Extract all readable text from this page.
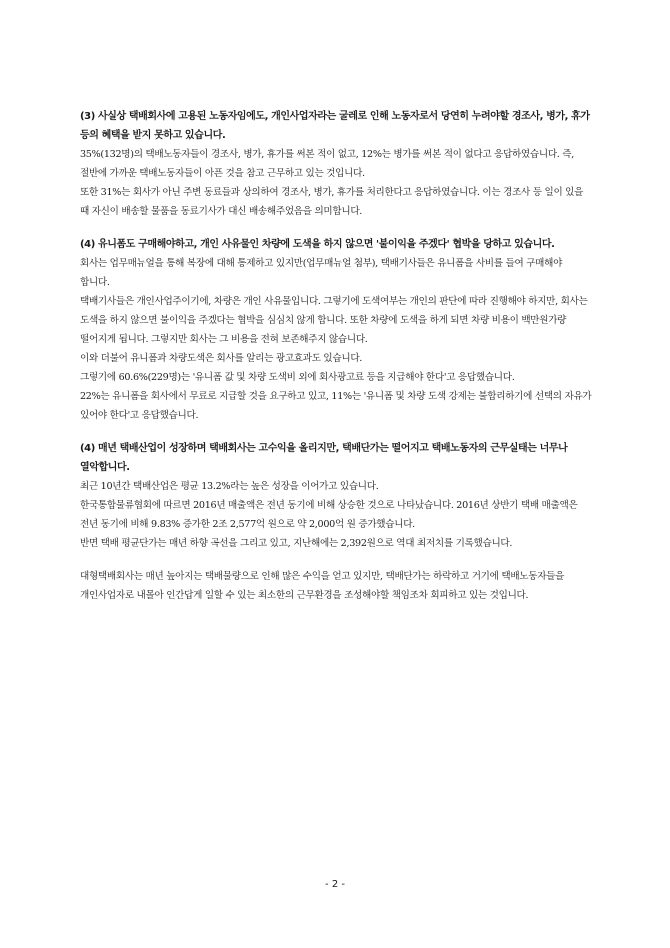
(3) 사실상 택배회사에 고용된 노동자임에도, 개인사업자라는 굴레로 인해 노동자로서 당연히 누려야할 경조사, 병가, 휴가 등의 혜택을 받지 못하고 있습니다.

35%(132명)의 택배노동자들이 경조사, 병가, 휴가를 써본 적이 없고, 12%는 병가를 써본 적이 없다고 응답하였습니다. 즉, 절반에 가까운 택배노동자들이 아픈 것을 참고 근무하고 있는 것입니다.

또한 31%는 회사가 아닌 주변 동료들과 상의하여 경조사, 병가, 휴가를 처리한다고 응답하였습니다. 이는 경조사 등 일이 있을 때 자신이 배송할 물품을 동료기사가 대신 배송해주었음을 의미합니다.

(4) 유니폼도 구매해야하고, 개인 사유물인 차량에 도색을 하지 않으면 '불이익을 주겠다' 협박을 당하고 있습니다.

회사는 업무매뉴얼을 통해 복장에 대해 통제하고 있지만(업무매뉴얼 첨부), 택배기사들은 유니폼을 사비를 들여 구매해야 합니다.

택배기사들은 개인사업주이기에, 차량은 개인 사유물입니다. 그렇기에 도색여부는 개인의 판단에 따라 진행해야 하지만, 회사는 도색을 하지 않으면 불이익을 주겠다는 협박을 심심치 않게 합니다. 또한 차량에 도색을 하게 되면 차량 비용이 백만원가량 떨어지게 됩니다. 그렇지만 회사는 그 비용을 전혀 보존해주지 않습니다.

이와 더불어 유니폼과 차량도색은 회사를 알리는 광고효과도 있습니다.

그렇기에 60.6%(229명)는 '유니폼 값 및 차량 도색비 외에 회사광고료 등을 지급해야 한다'고 응답했습니다.

22%는 유니폼을 회사에서 무료로 지급할 것을 요구하고 있고, 11%는 '유니폼 및 차량 도색 강제는 불합리하기에 선택의 자유가 있어야 한다'고 응답했습니다.

(4) 매년 택배산업이 성장하며 택배회사는 고수익을 올리지만, 택배단가는 떨어지고 택배노동자의 근무실태는 너무나 열악합니다.

최근 10년간 택배산업은 평균 13.2%라는 높은 성장을 이어가고 있습니다.

한국통합물류협회에 따르면 2016년 매출액은 전년 동기에 비해 상승한 것으로 나타났습니다. 2016년 상반기 택배 매출액은 전년 동기에 비해 9.83% 증가한 2조 2,577억 원으로 약 2,000억 원 증가했습니다.

반면 택배 평균단가는 매년 하향 곡선을 그리고 있고, 지난해에는 2,392원으로 역대 최저치를 기록했습니다.

대형택배회사는 매년 높아지는 택배물량으로 인해 많은 수익을 얻고 있지만, 택배단가는 하락하고 거기에 택배노동자들을 개인사업자로 내몰아 인간답게 일할 수 있는 최소한의 근무환경을 조성해야할 책임조차 회피하고 있는 것입니다.

- 2 -
